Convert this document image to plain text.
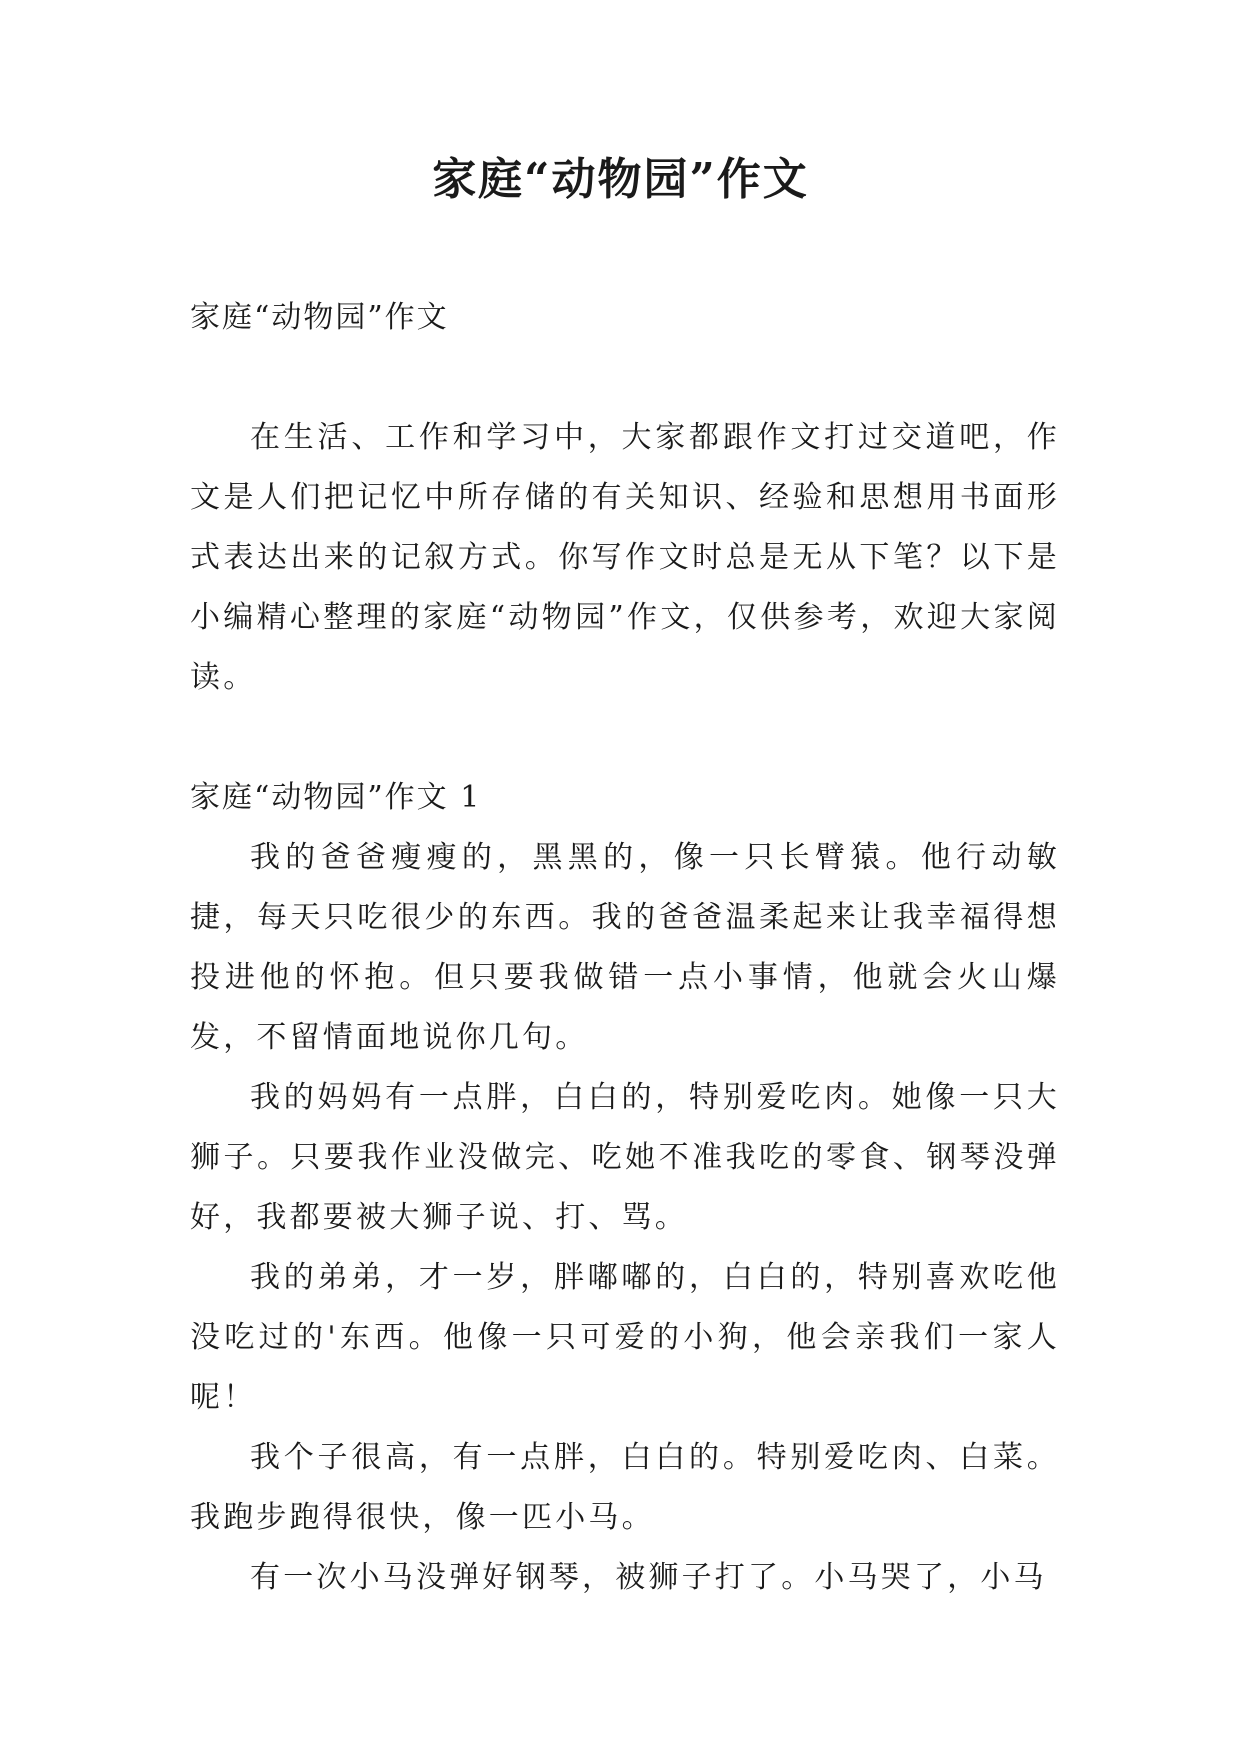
家庭“动物园”作文

家庭“动物园”作文

在生活、工作和学习中，大家都跟作文打过交道吧，作文是人们把记忆中所存储的有关知识、经验和思想用书面形式表达出来的记叙方式。你写作文时总是无从下笔？以下是小编精心整理的家庭“动物园”作文，仅供参考，欢迎大家阅读。

家庭“动物园”作文 1

我的爸爸瘦瘦的，黑黑的，像一只长臂猿。他行动敏捷，每天只吃很少的东西。我的爸爸温柔起来让我幸福得想投进他的怀抱。但只要我做错一点小事情，他就会火山爆发，不留情面地说你几句。

我的妈妈有一点胖，白白的，特别爱吃肉。她像一只大狮子。只要我作业没做完、吃她不准我吃的零食、钢琴没弹好，我都要被大狮子说、打、骂。

我的弟弟，才一岁，胖嘟嘟的，白白的，特别喜欢吃他没吃过的'东西。他像一只可爱的小狗，他会亲我们一家人呢！

我个子很高，有一点胖，白白的。特别爱吃肉、白菜。我跑步跑得很快，像一匹小马。

有一次小马没弹好钢琴，被狮子打了。小马哭了，小马
